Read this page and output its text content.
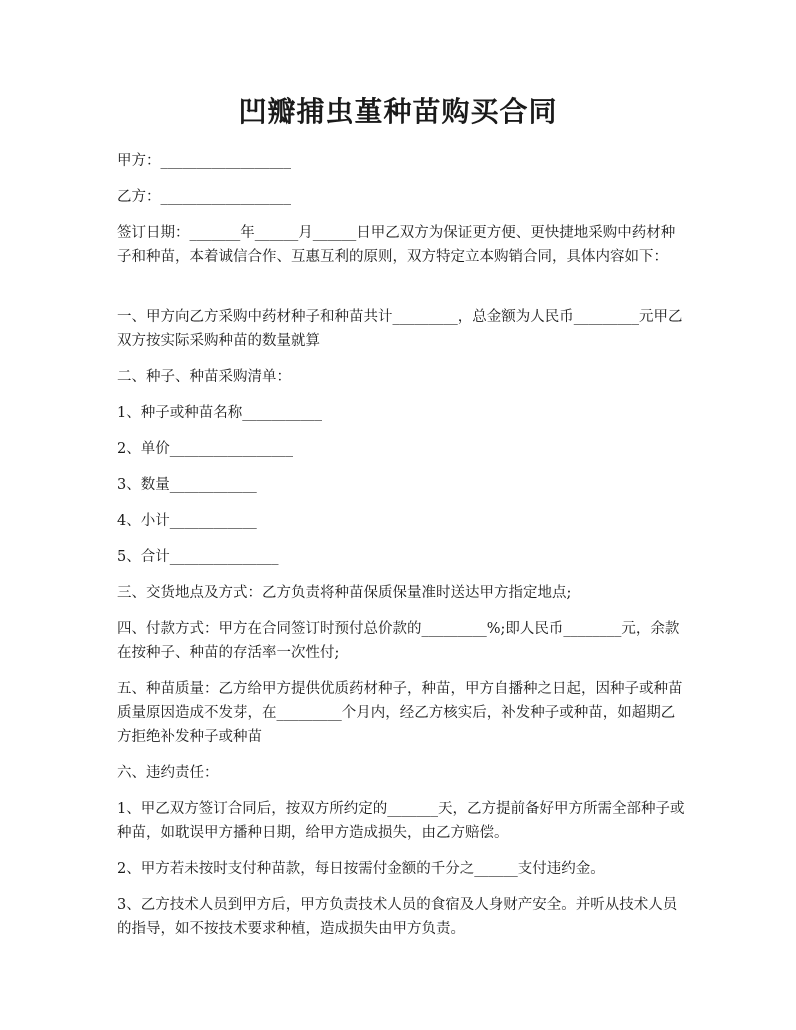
凹瓣捕虫堇种苗购买合同

甲方：__________________

乙方：__________________

签订日期：_______年______月______日甲乙双方为保证更方便、更快捷地采购中药材种子和种苗，本着诚信合作、互惠互利的原则，双方特定立本购销合同，具体内容如下：

一、甲方向乙方采购中药材种子和种苗共计_________，总金额为人民币_________元甲乙双方按实际采购种苗的数量就算

二、种子、种苗采购清单：

1、种子或种苗名称___________

2、单价_________________

3、数量____________

4、小计____________

5、合计_______________

三、交货地点及方式：乙方负责将种苗保质保量准时送达甲方指定地点;

四、付款方式：甲方在合同签订时预付总价款的_________%;即人民币________元，余款在按种子、种苗的存活率一次性付;

五、种苗质量：乙方给甲方提供优质药材种子，种苗，甲方自播种之日起，因种子或种苗质量原因造成不发芽，在_________个月内，经乙方核实后，补发种子或种苗，如超期乙方拒绝补发种子或种苗

六、违约责任：

1、甲乙双方签订合同后，按双方所约定的_______天，乙方提前备好甲方所需全部种子或种苗，如耽误甲方播种日期，给甲方造成损失，由乙方赔偿。

2、甲方若未按时支付种苗款，每日按需付金额的千分之______支付违约金。

3、乙方技术人员到甲方后，甲方负责技术人员的食宿及人身财产安全。并听从技术人员的指导，如不按技术要求种植，造成损失由甲方负责。
